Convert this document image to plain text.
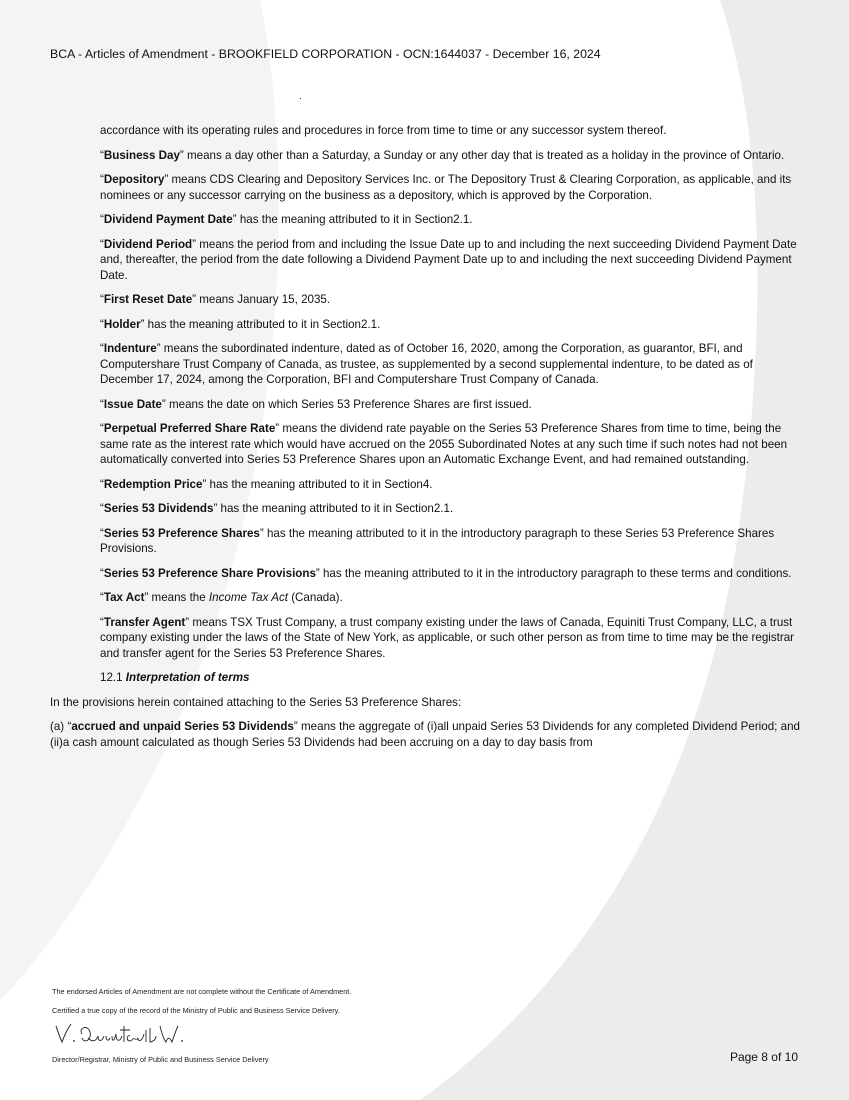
BCA - Articles of Amendment - BROOKFIELD CORPORATION - OCN:1644037 - December 16, 2024
accordance with its operating rules and procedures in force from time to time or any successor system thereof.
“Business Day” means a day other than a Saturday, a Sunday or any other day that is treated as a holiday in the province of Ontario.
“Depository” means CDS Clearing and Depository Services Inc. or The Depository Trust & Clearing Corporation, as applicable, and its nominees or any successor carrying on the business as a depository, which is approved by the Corporation.
“Dividend Payment Date” has the meaning attributed to it in Section2.1.
“Dividend Period” means the period from and including the Issue Date up to and including the next succeeding Dividend Payment Date and, thereafter, the period from the date following a Dividend Payment Date up to and including the next succeeding Dividend Payment Date.
“First Reset Date” means January 15, 2035.
“Holder” has the meaning attributed to it in Section2.1.
“Indenture” means the subordinated indenture, dated as of October 16, 2020, among the Corporation, as guarantor, BFI, and Computershare Trust Company of Canada, as trustee, as supplemented by a second supplemental indenture, to be dated as of December 17, 2024, among the Corporation, BFI and Computershare Trust Company of Canada.
“Issue Date” means the date on which Series 53 Preference Shares are first issued.
“Perpetual Preferred Share Rate” means the dividend rate payable on the Series 53 Preference Shares from time to time, being the same rate as the interest rate which would have accrued on the 2055 Subordinated Notes at any such time if such notes had not been automatically converted into Series 53 Preference Shares upon an Automatic Exchange Event, and had remained outstanding.
“Redemption Price” has the meaning attributed to it in Section4.
“Series 53 Dividends” has the meaning attributed to it in Section2.1.
“Series 53 Preference Shares” has the meaning attributed to it in the introductory paragraph to these Series 53 Preference Shares Provisions.
“Series 53 Preference Share Provisions” has the meaning attributed to it in the introductory paragraph to these terms and conditions.
“Tax Act” means the Income Tax Act (Canada).
“Transfer Agent” means TSX Trust Company, a trust company existing under the laws of Canada, Equiniti Trust Company, LLC, a trust company existing under the laws of the State of New York, as applicable, or such other person as from time to time may be the registrar and transfer agent for the Series 53 Preference Shares.
12.1 Interpretation of terms
In the provisions herein contained attaching to the Series 53 Preference Shares:
(a) “accrued and unpaid Series 53 Dividends” means the aggregate of (i)all unpaid Series 53 Dividends for any completed Dividend Period; and (ii)a cash amount calculated as though Series 53 Dividends had been accruing on a day to day basis from
The endorsed Articles of Amendment are not complete without the Certificate of Amendment.
Certified a true copy of the record of the Ministry of Public and Business Service Delivery.
Director/Registrar, Ministry of Public and Business Service Delivery	Page 8 of 10
